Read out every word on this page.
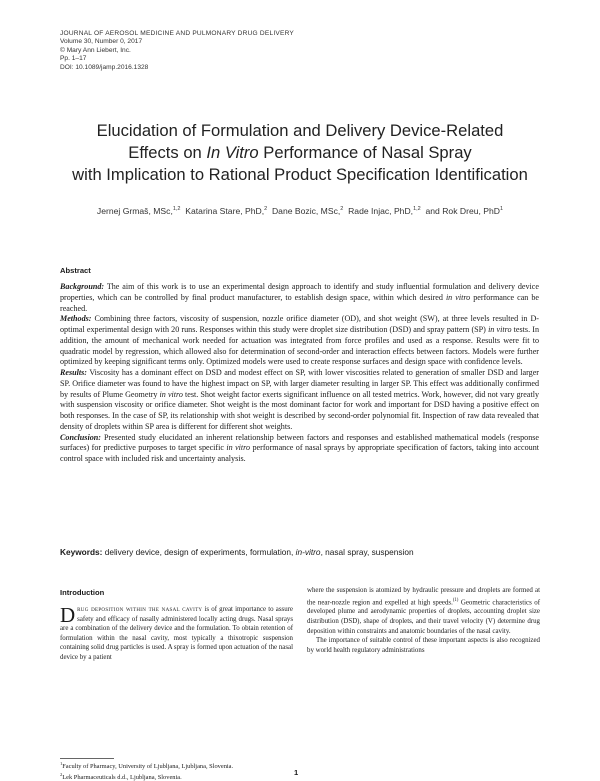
JOURNAL OF AEROSOL MEDICINE AND PULMONARY DRUG DELIVERY
Volume 30, Number 0, 2017
© Mary Ann Liebert, Inc.
Pp. 1–17
DOI: 10.1089/jamp.2016.1328
Elucidation of Formulation and Delivery Device-Related
Effects on In Vitro Performance of Nasal Spray
with Implication to Rational Product Specification Identification
Jernej Grmaš, MSc,$^{1,2}$ Katarina Stare, PhD,$^2$ Dane Bozic, MSc,$^2$ Rade Injac, PhD,$^{1,2}$ and Rok Dreu, PhD$^1$
Abstract

Background: The aim of this work is to use an experimental design approach to identify and study influential formulation and delivery device properties, which can be controlled by final product manufacturer, to establish design space, within which desired in vitro performance can be reached.

Methods: Combining three factors, viscosity of suspension, nozzle orifice diameter (OD), and shot weight (SW), at three levels resulted in D-optimal experimental design with 20 runs. Responses within this study were droplet size distribution (DSD) and spray pattern (SP) in vitro tests. In addition, the amount of mechanical work needed for actuation was integrated from force profiles and used as a response. Results were fit to quadratic model by regression, which allowed also for determination of second-order and interaction effects between factors. Models were further optimized by keeping significant terms only. Optimized models were used to create response surfaces and design space with confidence levels.

Results: Viscosity has a dominant effect on DSD and modest effect on SP, with lower viscosities related to generation of smaller DSD and larger SP. Orifice diameter was found to have the highest impact on SP, with larger diameter resulting in larger SP. This effect was additionally confirmed by results of Plume Geometry in vitro test. Shot weight factor exerts significant influence on all tested metrics. Work, however, did not vary greatly with suspension viscosity or orifice diameter. Shot weight is the most dominant factor for work and important for DSD having a positive effect on both responses. In the case of SP, its relationship with shot weight is described by second-order polynomial fit. Inspection of raw data revealed that density of droplets within SP area is different for different shot weights.

Conclusion: Presented study elucidated an inherent relationship between factors and responses and established mathematical models (response surfaces) for predictive purposes to target specific in vitro performance of nasal sprays by appropriate specification of factors, taking into account control space with included risk and uncertainty analysis.

Keywords: delivery device, design of experiments, formulation, in-vitro, nasal spray, suspension
Introduction

Drug deposition within the nasal cavity is of great importance to assure safety and efficacy of nasally administered locally acting drugs. Nasal sprays are a combination of the delivery device and the formulation. To obtain retention of formulation within the nasal cavity, most typically a thixotropic suspension containing solid drug particles is used. A spray is formed upon actuation of the nasal device by a patient

where the suspension is atomized by hydraulic pressure and droplets are formed at the near-nozzle region and expelled at high speeds.$^{(1)}$ Geometric characteristics of developed plume and aerodynamic properties of droplets, accounting droplet size distribution (DSD), shape of droplets, and their travel velocity (V) determine drug deposition within constraints and anatomic boundaries of the nasal cavity.

The importance of suitable control of these important aspects is also recognized by world health regulatory administrations

$^1$Faculty of Pharmacy, University of Ljubljana, Ljubljana, Slovenia.
$^2$Lek Pharmaceuticals d.d., Ljubljana, Slovenia.
1
